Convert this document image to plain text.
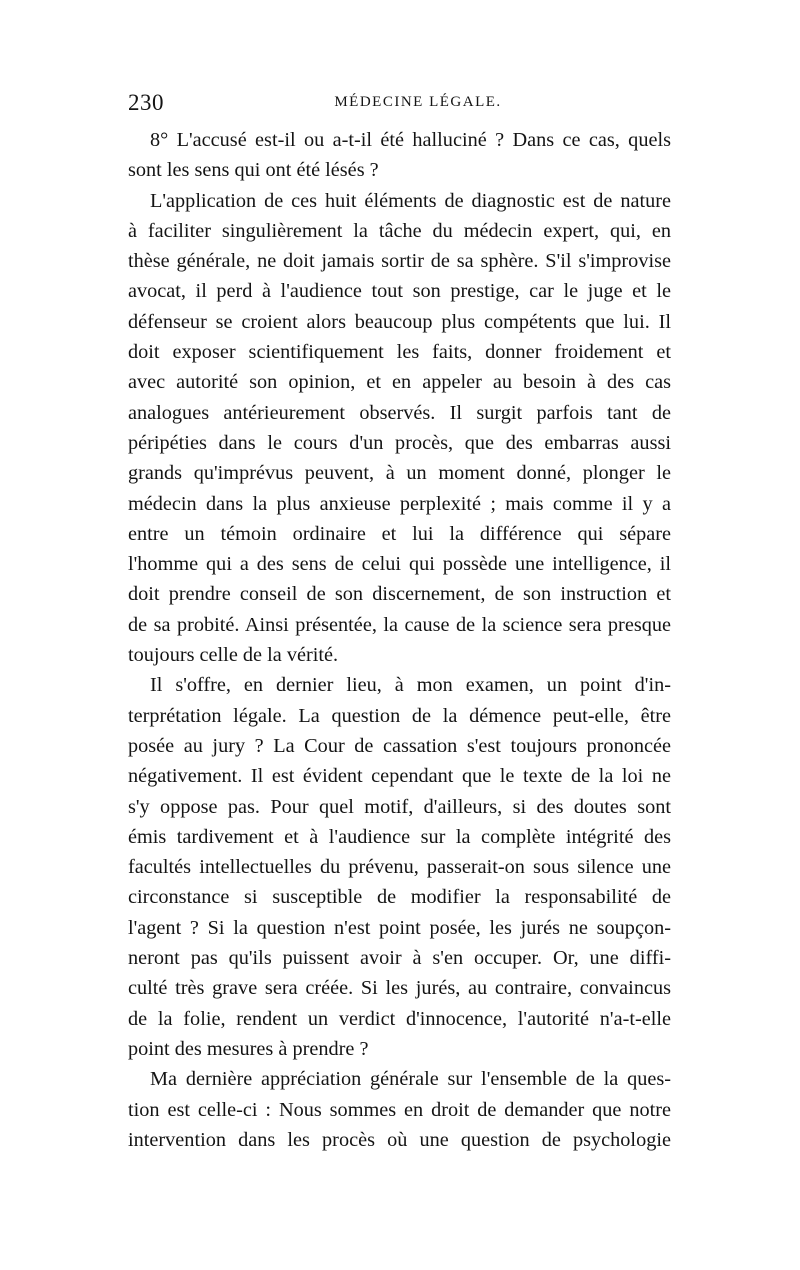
230	MÉDECINE LÉGALE.
8° L'accusé est-il ou a-t-il été halluciné ? Dans ce cas, quels
sont les sens qui ont été lésés ?
L'application de ces huit éléments de diagnostic est de nature
à faciliter singulièrement la tâche du médecin expert, qui, en
thèse générale, ne doit jamais sortir de sa sphère. S'il s'improvise
avocat, il perd à l'audience tout son prestige, car le juge et le
défenseur se croient alors beaucoup plus compétents que lui. Il
doit exposer scientifiquement les faits, donner froidement et
avec autorité son opinion, et en appeler au besoin à des cas
analogues antérieurement observés. Il surgit parfois tant de
péripéties dans le cours d'un procès, que des embarras aussi
grands qu'imprévus peuvent, à un moment donné, plonger le
médecin dans la plus anxieuse perplexité ; mais comme il y a
entre un témoin ordinaire et lui la différence qui sépare
l'homme qui a des sens de celui qui possède une intelligence, il
doit prendre conseil de son discernement, de son instruction et
de sa probité. Ainsi présentée, la cause de la science sera presque
toujours celle de la vérité.
Il s'offre, en dernier lieu, à mon examen, un point d'in-
terprétation légale. La question de la démence peut-elle, être
posée au jury ? La Cour de cassation s'est toujours prononcée
négativement. Il est évident cependant que le texte de la loi ne
s'y oppose pas. Pour quel motif, d'ailleurs, si des doutes sont
émis tardivement et à l'audience sur la complète intégrité des
facultés intellectuelles du prévenu, passerait-on sous silence une
circonstance si susceptible de modifier la responsabilité de
l'agent ? Si la question n'est point posée, les jurés ne soupçon-
neront pas qu'ils puissent avoir à s'en occuper. Or, une diffi-
culté très grave sera créée. Si les jurés, au contraire, convaincus
de la folie, rendent un verdict d'innocence, l'autorité n'a-t-elle
point des mesures à prendre ?
Ma dernière appréciation générale sur l'ensemble de la ques-
tion est celle-ci : Nous sommes en droit de demander que notre
intervention dans les procès où une question de psychologie
